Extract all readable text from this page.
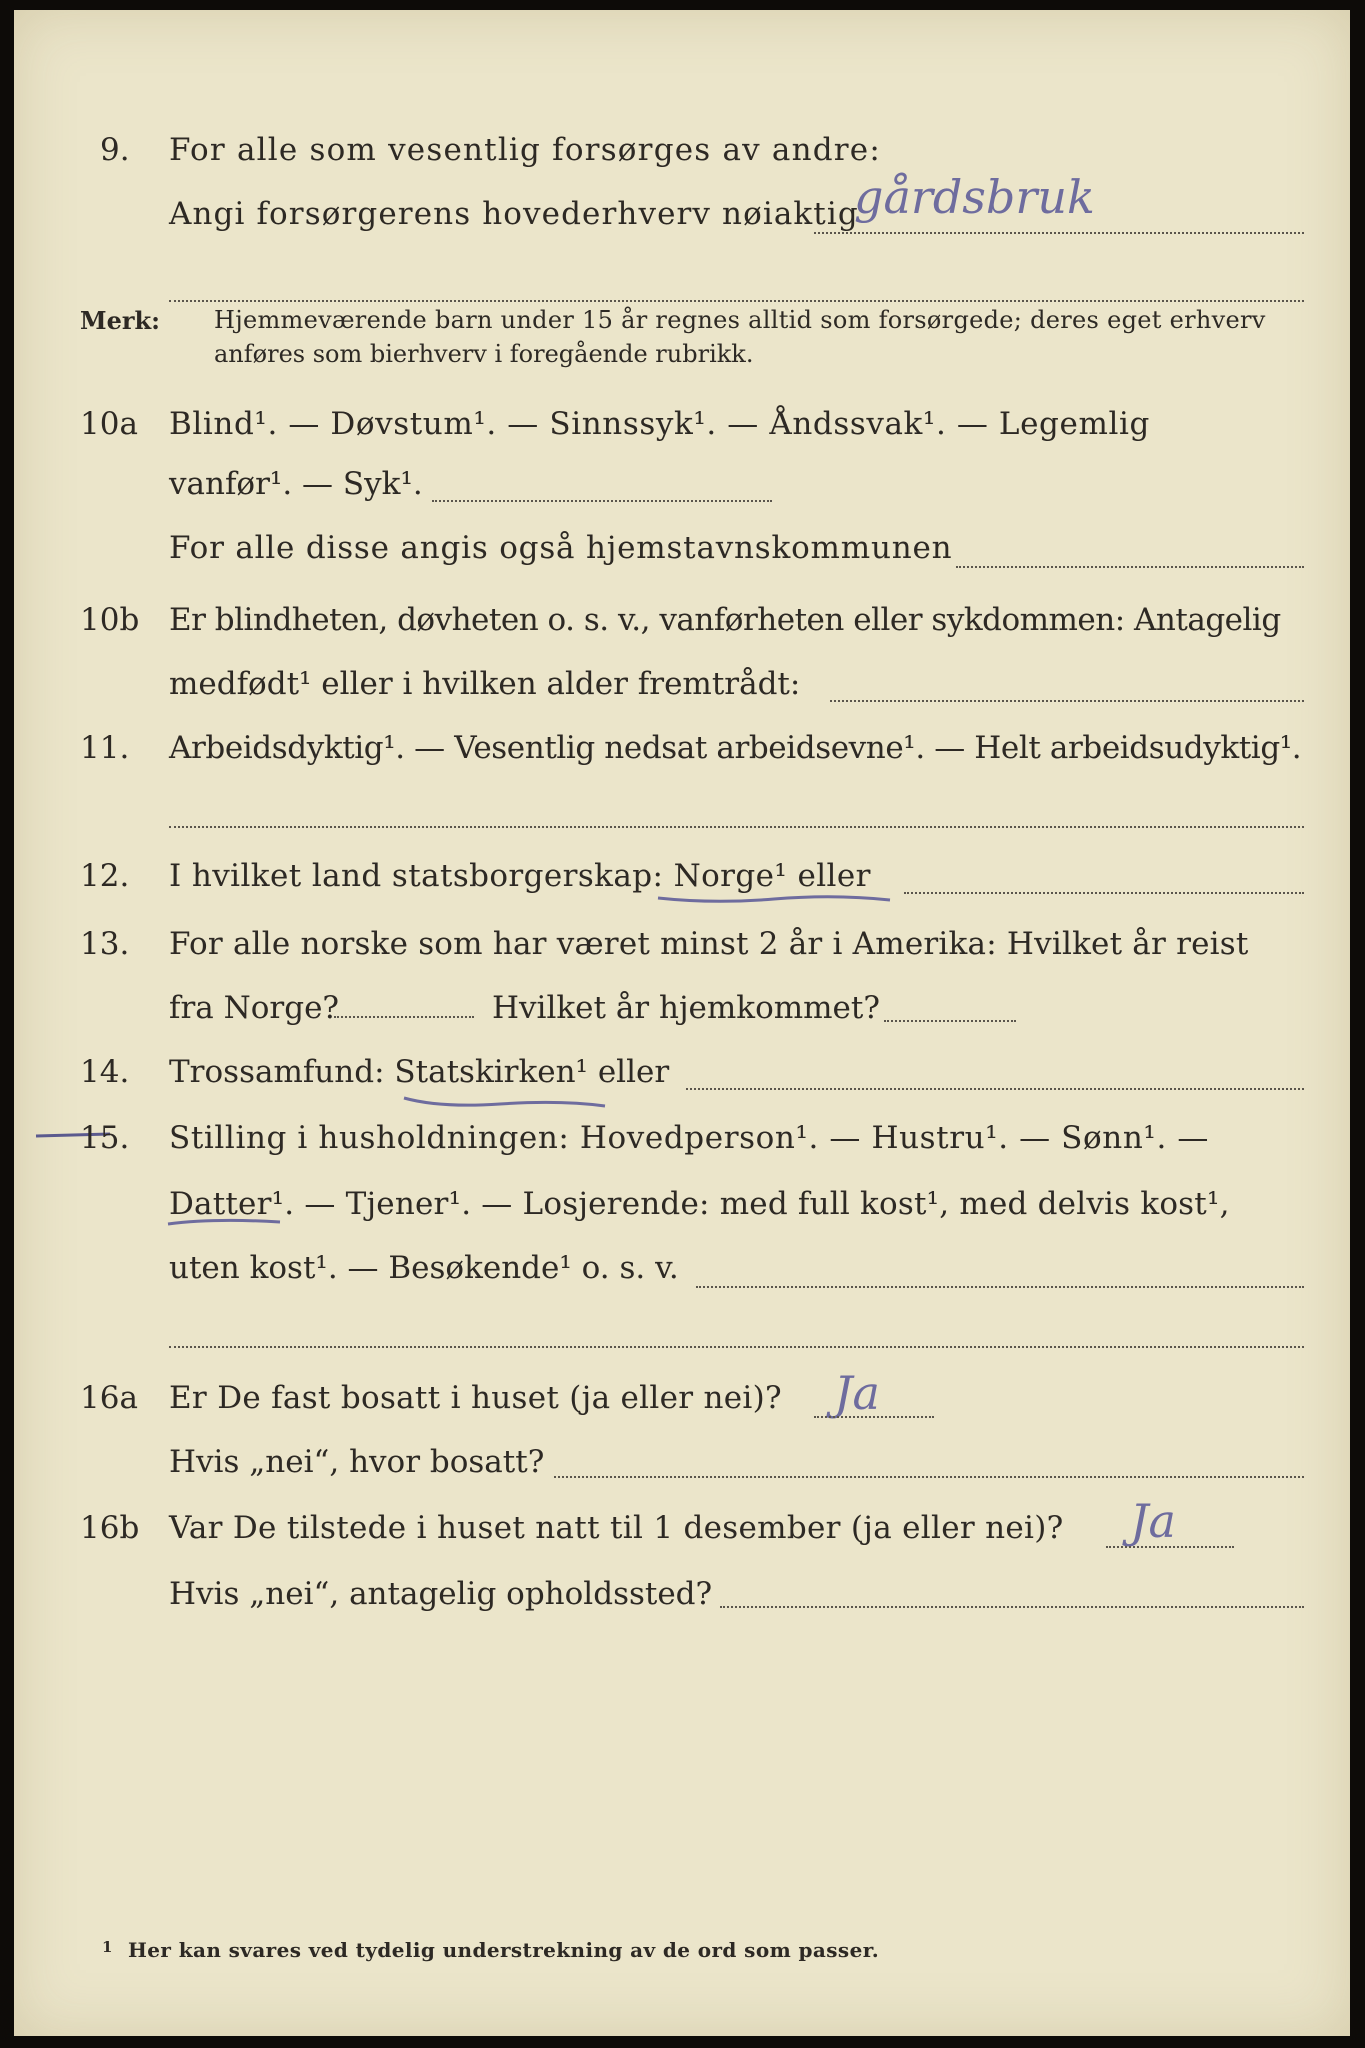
9. For alle som vesentlig forsørges av andre:
Angi forsørgerens hovederhverv nøiaktig
gårdsbruk
Merk: Hjemmeværende barn under 15 år regnes alltid som forsørgede; deres eget erhverv
anføres som bierhverv i foregående rubrikk.
10a Blind¹. — Døvstum¹. — Sinnssyk¹. — Åndssvak¹. — Legemlig
vanfør¹. — Syk¹.
For alle disse angis også hjemstavnskommunen
10b Er blindheten, døvheten o. s. v., vanførheten eller sykdommen: Antagelig
medfødt¹ eller i hvilken alder fremtrådt:
11. Arbeidsdyktig¹. — Vesentlig nedsat arbeidsevne¹. — Helt arbeidsudyktig¹.
12. I hvilket land statsborgerskap: Norge¹ eller
13. For alle norske som har været minst 2 år i Amerika: Hvilket år reist
fra Norge?	Hvilket år hjemkommet?
14. Trossamfund: Statskirken¹ eller
15. Stilling i husholdningen: Hovedperson¹. — Hustru¹. — Sønn¹. —
Datter¹. — Tjener¹. — Losjerende: med full kost¹, med delvis kost¹,
uten kost¹. — Besøkende¹ o. s. v.
16a Er De fast bosatt i huset (ja eller nei)? Ja
Hvis „nei“, hvor bosatt?
16b Var De tilstede i huset natt til 1 desember (ja eller nei)? Ja
Hvis „nei“, antagelig opholdssted?
1 Her kan svares ved tydelig understrekning av de ord som passer.
